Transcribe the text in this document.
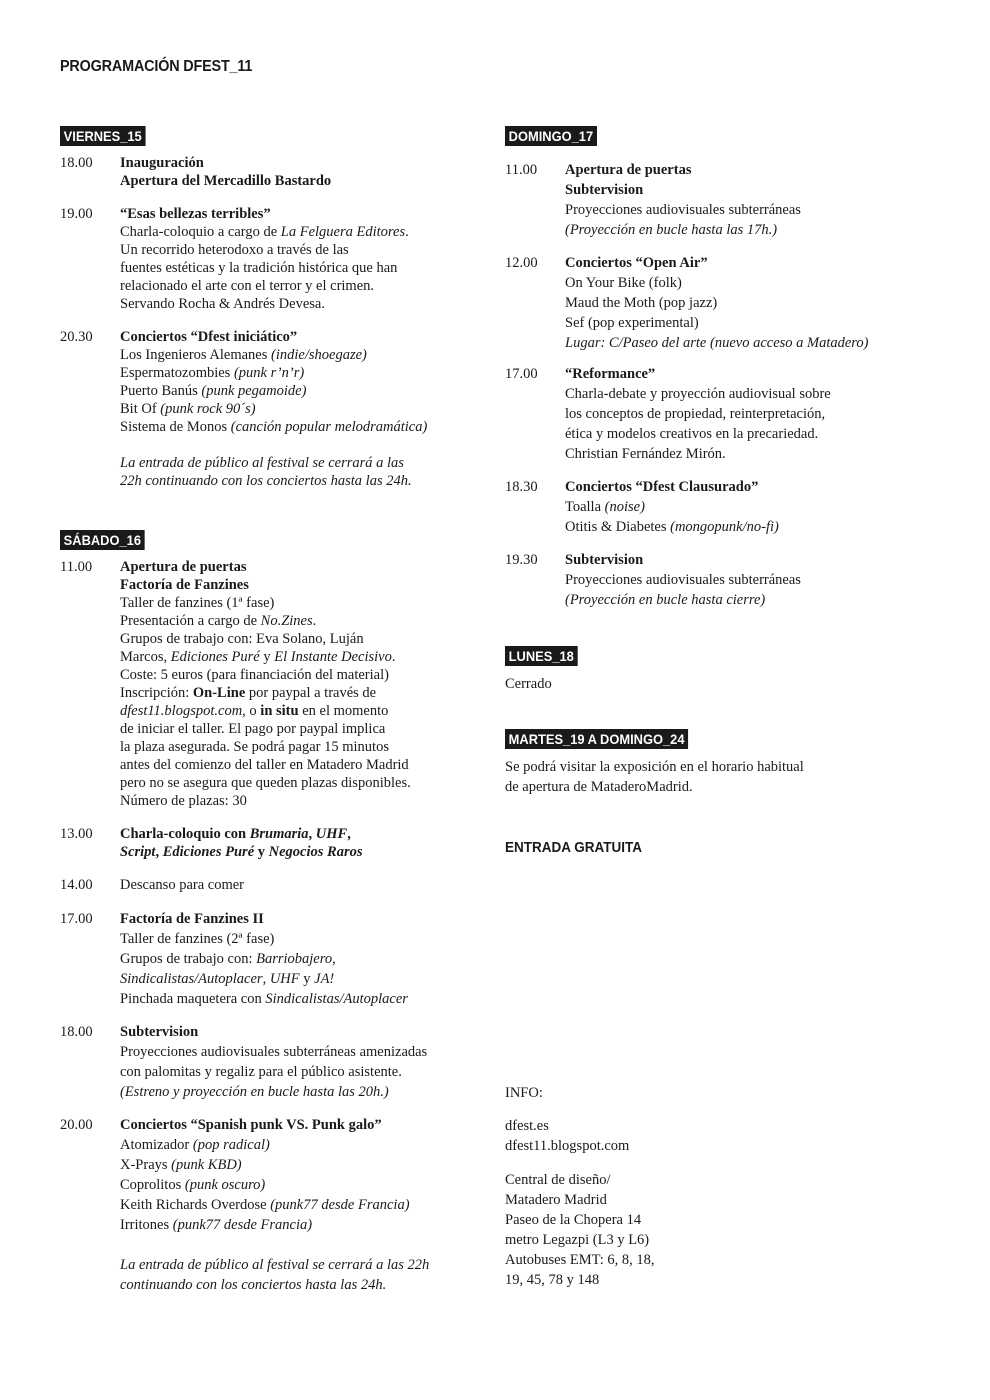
PROGRAMACIÓN DFEST_11
VIERNES_15
18.00	Inauguración
Apertura del Mercadillo Bastardo
19.00	“Esas bellezas terribles”
Charla-coloquio a cargo de La Felguera Editores.
Un recorrido heterodoxo a través de las
fuentes estéticas y la tradición histórica que han
relacionado el arte con el terror y el crimen.
Servando Rocha & Andrés Devesa.
20.30	Conciertos “Dfest iniciático”
Los Ingenieros Alemanes (indie/shoegaze)
Espermatozombies (punk r’n’r)
Puerto Banús (punk pegamoide)
Bit Of (punk rock 90´s)
Sistema de Monos (canción popular melodramática)
La entrada de público al festival se cerrará a las
22h continuando con los conciertos hasta las 24h.
SÁBADO_16
11.00	Apertura de puertas
Factoría de Fanzines
Taller de fanzines (1ª fase)
Presentación a cargo de No.Zines.
Grupos de trabajo con: Eva Solano, Luján
Marcos, Ediciones Puré y El Instante Decisivo.
Coste: 5 euros (para financiación del material)
Inscripción: On-Line por paypal a través de
dfest11.blogspot.com, o in situ en el momento
de iniciar el taller. El pago por paypal implica
la plaza asegurada. Se podrá pagar 15 minutos
antes del comienzo del taller en Matadero Madrid
pero no se asegura que queden plazas disponibles.
Número de plazas: 30
13.00	Charla-coloquio con Brumaria, UHF,
Script, Ediciones Puré y Negocios Raros
14.00	Descanso para comer
17.00	Factoría de Fanzines II
Taller de fanzines (2ª fase)
Grupos de trabajo con: Barriobajero,
Sindicalistas/Autoplacer, UHF y JA!
Pinchada maquetera con Sindicalistas/Autoplacer
18.00	Subtervision
Proyecciones audiovisuales subterráneas amenizadas
con palomitas y regaliz para el público asistente.
(Estreno y proyección en bucle hasta las 20h.)
20.00	Conciertos “Spanish punk VS. Punk galo”
Atomizador (pop radical)
X-Prays (punk KBD)
Coprolitos (punk oscuro)
Keith Richards Overdose (punk77 desde Francia)
Irritones (punk77 desde Francia)
La entrada de público al festival se cerrará a las 22h
continuando con los conciertos hasta las 24h.
DOMINGO_17
11.00	Apertura de puertas
Subtervision
Proyecciones audiovisuales subterráneas
(Proyección en bucle hasta las 17h.)
12.00	Conciertos “Open Air”
On Your Bike (folk)
Maud the Moth (pop jazz)
Sef (pop experimental)
Lugar: C/Paseo del arte (nuevo acceso a Matadero)
17.00	“Reformance”
Charla-debate y proyección audiovisual sobre
los conceptos de propiedad, reinterpretación,
ética y modelos creativos en la precariedad.
Christian Fernández Mirón.
18.30	Conciertos “Dfest Clausurado”
Toalla (noise)
Otitis & Diabetes (mongopunk/no-fi)
19.30	Subtervision
Proyecciones audiovisuales subterráneas
(Proyección en bucle hasta cierre)
LUNES_18
Cerrado
MARTES_19 A DOMINGO_24
Se podrá visitar la exposición en el horario habitual
de apertura de MataderoMadrid.
ENTRADA GRATUITA
INFO:
dfest.es
dfest11.blogspot.com
Central de diseño/
Matadero Madrid
Paseo de la Chopera 14
metro Legazpi (L3 y L6)
Autobuses EMT: 6, 8, 18,
19, 45, 78 y 148
